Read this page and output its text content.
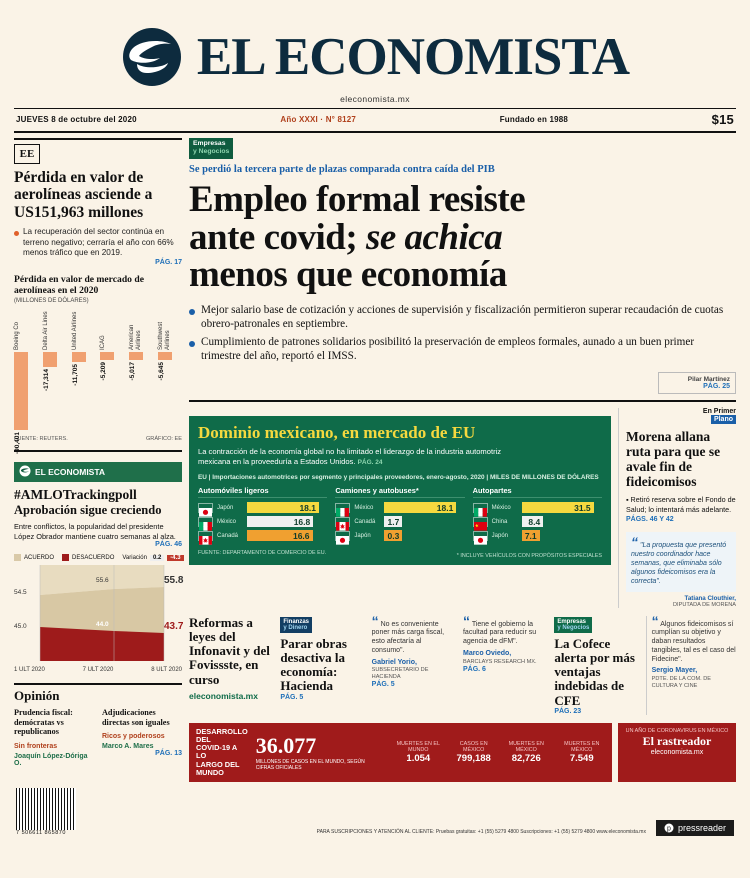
EL ECONOMISTA
eleconomista.mx
JUEVES 8 de octubre del 2020	Año XXXI · N° 8127	Fundado en 1988	$15
EE
Pérdida en valor de aerolíneas asciende a US151,963 millones
La recuperación del sector continúa en terreno negativo; cerraría el año con 66% menos tráfico que en 2019.
PÁG. 17
Pérdida en valor de mercado de aerolíneas en el 2020
(MILLONES DE DÓLARES)
Boeing Co
-90,401
Delta Air Lines
-17,314
United Airlines
-11,705
ICAG
-5,209
American Airlines
-5,017
Southwest Airlines
-5,645
FUENTE: REUTERS.	GRÁFICO: EE
EL ECONOMISTA
#AMLOTrackingpoll
Aprobación sigue creciendo
Entre conflictos, la popularidad del presidente López Obrador mantiene cuatro semanas al alza.
PÁG. 46
ACUERDO	DESACUERDO Variación	0.2	-4.3
54.5
45.0
55.6
44.0
55.8
43.7
1 ULT 2020	7 ULT 2020	8 ULT 2020
Opinión
Prudencia fiscal: demócratas vs republicanos
Sin fronteras
Joaquín López-Dóriga O.
Adjudicaciones directas son iguales
Ricos y poderosos
Marco A. Mares
PÁG. 13
Empresas
y Negocios
Se perdió la tercera parte de plazas comparada contra caída del PIB
Empleo formal resiste
ante covid; se achica
menos que economía
Mejor salario base de cotización y acciones de supervisión y fiscalización permitieron superar recaudación de cuotas obrero-patronales en septiembre.
Cumplimiento de patrones solidarios posibilitó la preservación de empleos formales, aunado a un buen primer trimestre del año, reportó el IMSS.
Pilar Martínez
PÁG. 25
Dominio mexicano, en mercado de EU

La contracción de la economía global no ha limitado el liderazgo de la industria automotriz mexicana en la proveeduría a Estados Unidos. PÁG. 24

EU | Importaciones automotrices por segmento y principales proveedores, enero-agosto, 2020 | MILES DE MILLONES DE DÓLARES
Automóviles ligeros
Japón	18.1
México	16.8
Canadá	16.6
Camiones y autobuses*
México	18.1
Canadá	1.7
Japón	0.3
Autopartes
México	31.5
China	8.4
Japón	7.1
FUENTE: DEPARTAMENTO DE COMERCIO DE EU.	* INCLUYE VEHÍCULOS CON PROPÓSITOS ESPECIALES
En Primer
Plano
Morena allana ruta para que se avale fin de fideicomisos
▪ Retiró reserva sobre el Fondo de Salud; lo intentará más adelante. PÁGS. 46 Y 42
“ "La propuesta que presentó nuestro coordinador hace semanas, que eliminaba sólo algunos fideicomisos era la correcta".
Tatiana Clouthier,
DIPUTADA DE MORENA
Reformas a leyes del Infonavit y del Fovissste, en curso
eleconomista.mx
Finanzas
y Dinero
Parar obras desactiva la economía: Hacienda
PÁG. 5
“ No es conveniente poner más carga fiscal, esto afectaría al consumo".
Gabriel Yorio,
SUBSECRETARIO DE HACIENDA
PÁG. 5
“ Tiene el gobierno la facultad para reducir su agencia de dFM".
Marco Oviedo,
BARCLAYS RESEARCH MX.
PÁG. 6
Empresas
y Negocios
La Cofece alerta por más ventajas indebidas de CFE
PÁG. 23
“ Algunos fideicomisos sí cumplían su objetivo y daban resultados tangibles, tal es el caso del Fidecine".
Sergio Mayer,
PDTE. DE LA COM. DE CULTURA Y CINE
DESARROLLO DEL
COVID-19 A LO
LARGO DEL MUNDO
36.077
MILLONES DE CASOS EN EL MUNDO, SEGÚN CIFRAS OFICIALES
MUERTES EN EL MUNDO
1.054
CASOS EN MÉXICO
799,188
MUERTES EN MÉXICO
82,726
MUERTES EN MÉXICO
7.549
UN AÑO DE CORONAVIRUS EN MÉXICO
El rastreador
eleconomista.mx
7 506611 865870	PARA SUSCRIPCIONES Y ATENCIÓN AL CLIENTE: Pruebas gratuitas: +1 (55) 5279 4800 Suscripciones: +1 (55) 5279 4800 www.eleconomista.mx	p pressreader
